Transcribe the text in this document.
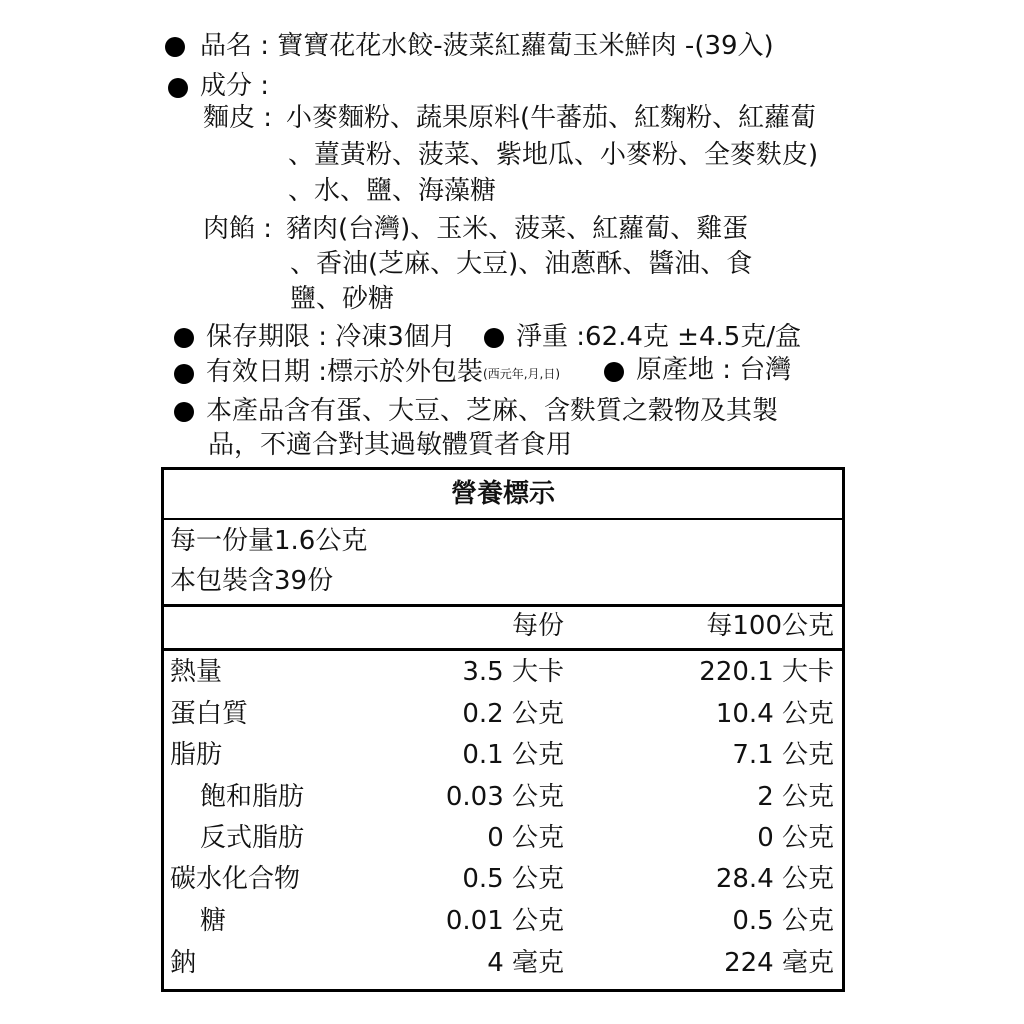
品名 : 寶寶花花水餃-菠菜紅蘿蔔玉米鮮肉 -(39入)
成分 :
麵皮 : 小麥麵粉、蔬果原料(牛蕃茄、紅麴粉、紅蘿蔔
、薑黃粉、菠菜、紫地瓜、小麥粉、全麥麩皮)
、水、鹽、海藻糖
肉餡 : 豬肉(台灣)、玉米、菠菜、紅蘿蔔、雞蛋
、香油(芝麻、大豆)、油蔥酥、醬油、食
鹽、砂糖
保存期限 : 冷凍3個月 淨重 :62.4克 ±4.5克/盒
有效日期 :標示於外包裝(西元年,月,日)	原產地 : 台灣
本產品含有蛋、大豆、芝麻、含麩質之穀物及其製
品，不適合對其過敏體質者食用
營養標示
每一份量1.6公克
本包裝含39份
每份	每100公克
熱量	3.5 大卡	220.1 大卡
蛋白質	0.2 公克	10.4 公克
脂肪	0.1 公克	7.1 公克
飽和脂肪	0.03 公克	2 公克
反式脂肪	0 公克	0 公克
碳水化合物	0.5 公克	28.4 公克
糖	0.01 公克	0.5 公克
鈉	4 毫克	224 毫克
